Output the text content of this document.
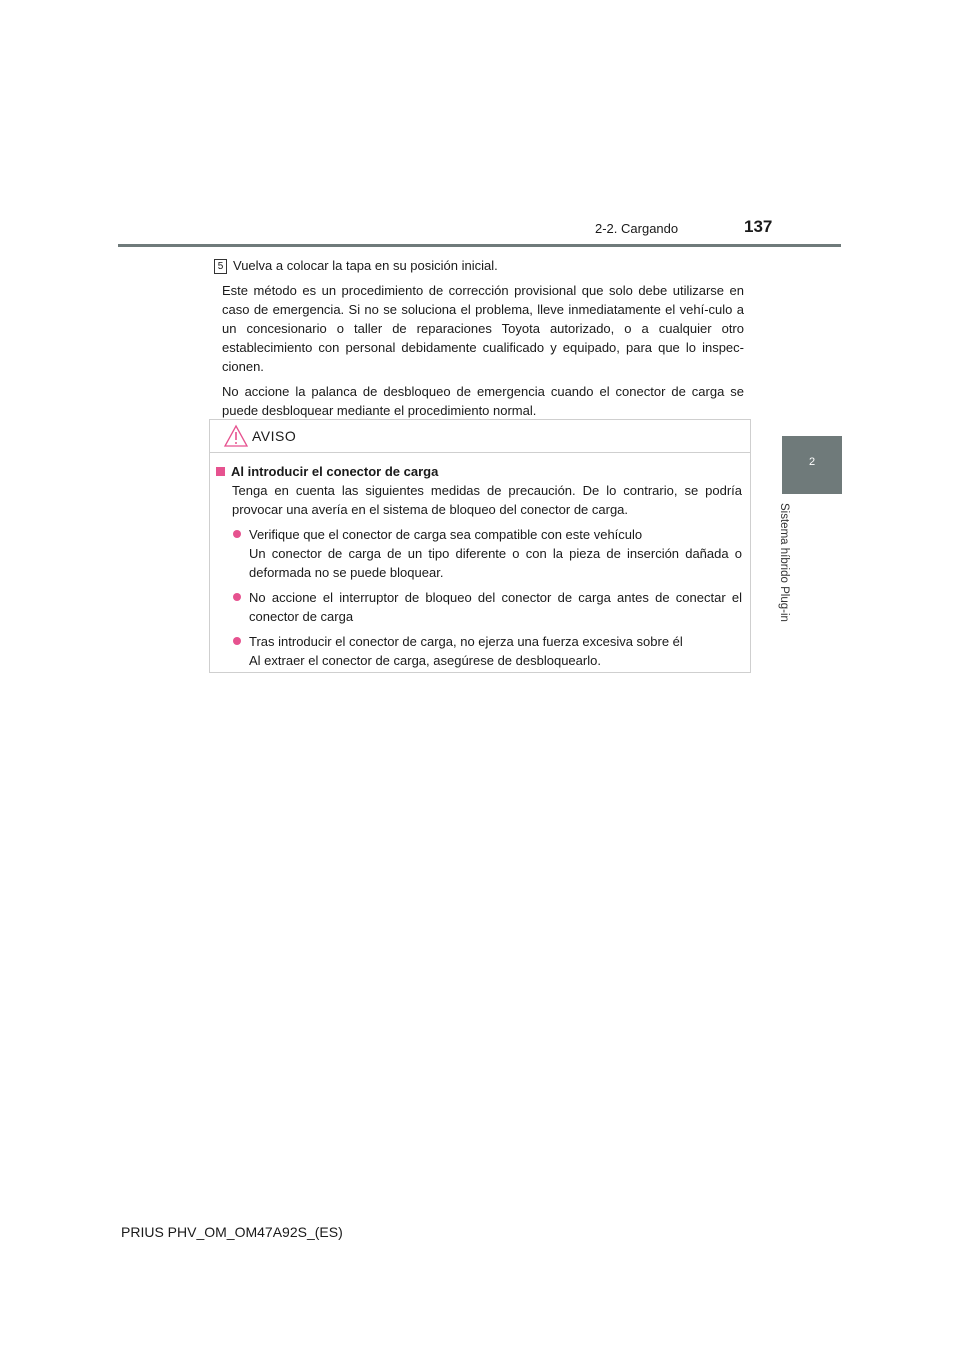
137
2-2. Cargando
2
Sistema híbrido Plug-in

5 Vuelva a colocar la tapa en su posición inicial.

Este método es un procedimiento de corrección provisional que solo debe utilizarse en caso de emergencia. Si no se soluciona el problema, lleve inmediatamente el vehí-culo a un concesionario o taller de reparaciones Toyota autorizado, o a cualquier otro establecimiento con personal debidamente cualificado y equipado, para que lo inspec-cionen.

No accione la palanca de desbloqueo de emergencia cuando el conector de carga se puede desbloquear mediante el procedimiento normal.

AVISO

Al introducir el conector de carga

Tenga en cuenta las siguientes medidas de precaución. De lo contrario, se podría provocar una avería en el sistema de bloqueo del conector de carga.

Verifique que el conector de carga sea compatible con este vehículo
Un conector de carga de un tipo diferente o con la pieza de inserción dañada o deformada no se puede bloquear.
No accione el interruptor de bloqueo del conector de carga antes de conectar el conector de carga
Tras introducir el conector de carga, no ejerza una fuerza excesiva sobre él
Al extraer el conector de carga, asegúrese de desbloquearlo.
PRIUS PHV_OM_OM47A92S_(ES)
